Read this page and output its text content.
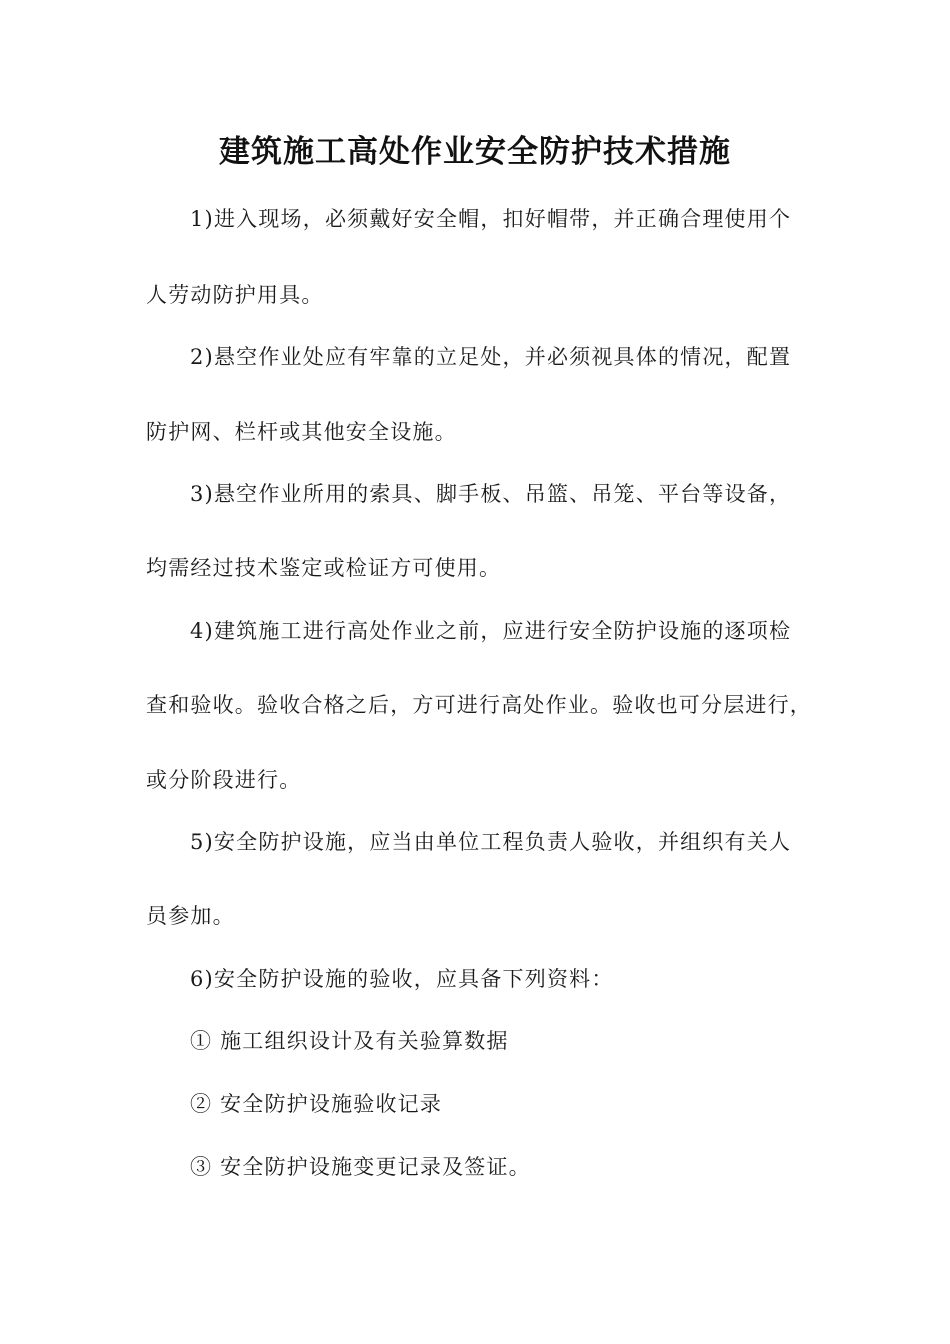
建筑施工高处作业安全防护技术措施

1)进入现场，必须戴好安全帽，扣好帽带，并正确合理使用个

人劳动防护用具。

2)悬空作业处应有牢靠的立足处，并必须视具体的情况，配置

防护网、栏杆或其他安全设施。

3)悬空作业所用的索具、脚手板、吊篮、吊笼、平台等设备，

均需经过技术鉴定或检证方可使用。

4)建筑施工进行高处作业之前，应进行安全防护设施的逐项检

查和验收。验收合格之后，方可进行高处作业。验收也可分层进行，

或分阶段进行。

5)安全防护设施，应当由单位工程负责人验收，并组织有关人

员参加。

6)安全防护设施的验收，应具备下列资料：

① 施工组织设计及有关验算数据

② 安全防护设施验收记录

③ 安全防护设施变更记录及签证。
